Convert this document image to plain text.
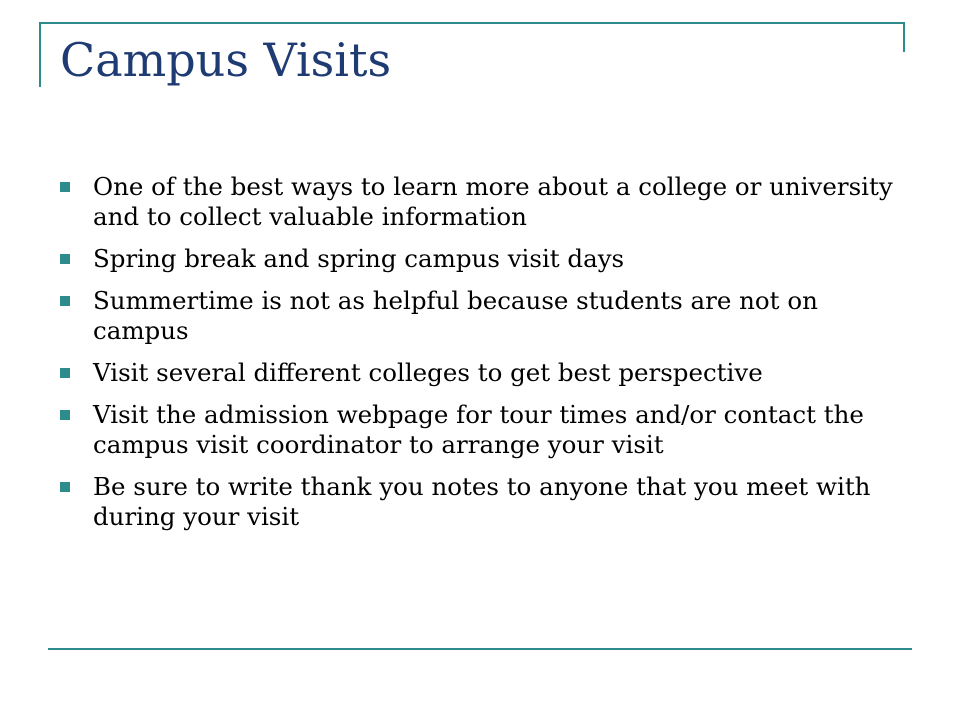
Campus Visits
One of the best ways to learn more about a college or university and to collect valuable information
Spring break and spring campus visit days
Summertime is not as helpful because students are not on campus
Visit several different colleges to get best perspective
Visit the admission webpage for tour times and/or contact the campus visit coordinator to arrange your visit
Be sure to write thank you notes to anyone that you meet with during your visit
